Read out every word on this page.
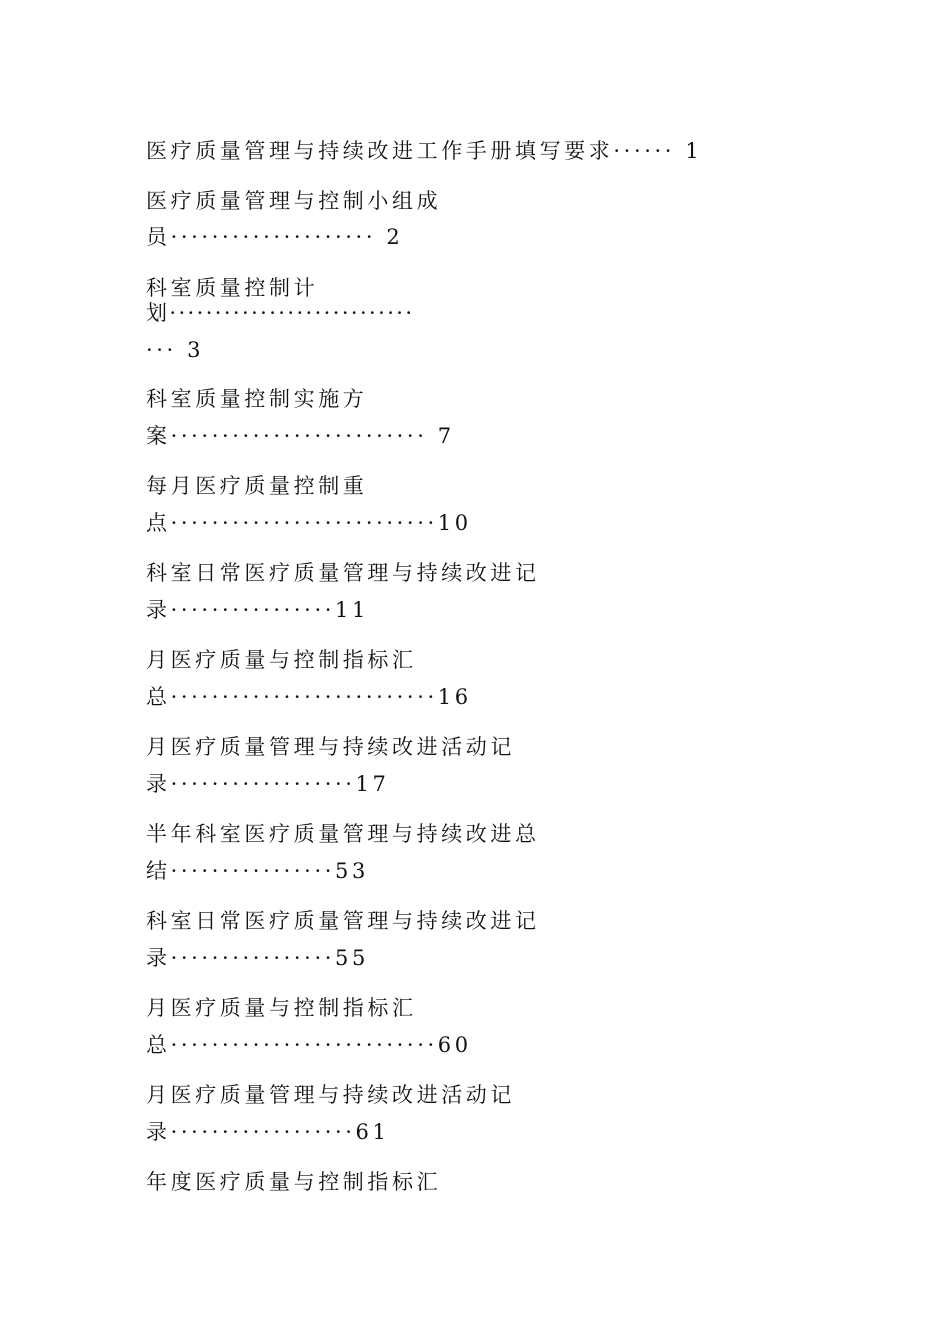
医疗质量管理与持续改进工作手册填写要求······ 1
医疗质量管理与控制小组成
员···················· 2
科室质量控制计
划···························
··· 3
科室质量控制实施方
案························· 7
每月医疗质量控制重
点··························10
科室日常医疗质量管理与持续改进记
录················11
月医疗质量与控制指标汇
总··························16
月医疗质量管理与持续改进活动记
录··················17
半年科室医疗质量管理与持续改进总
结················53
科室日常医疗质量管理与持续改进记
录················55
月医疗质量与控制指标汇
总··························60
月医疗质量管理与持续改进活动记
录··················61
年度医疗质量与控制指标汇
